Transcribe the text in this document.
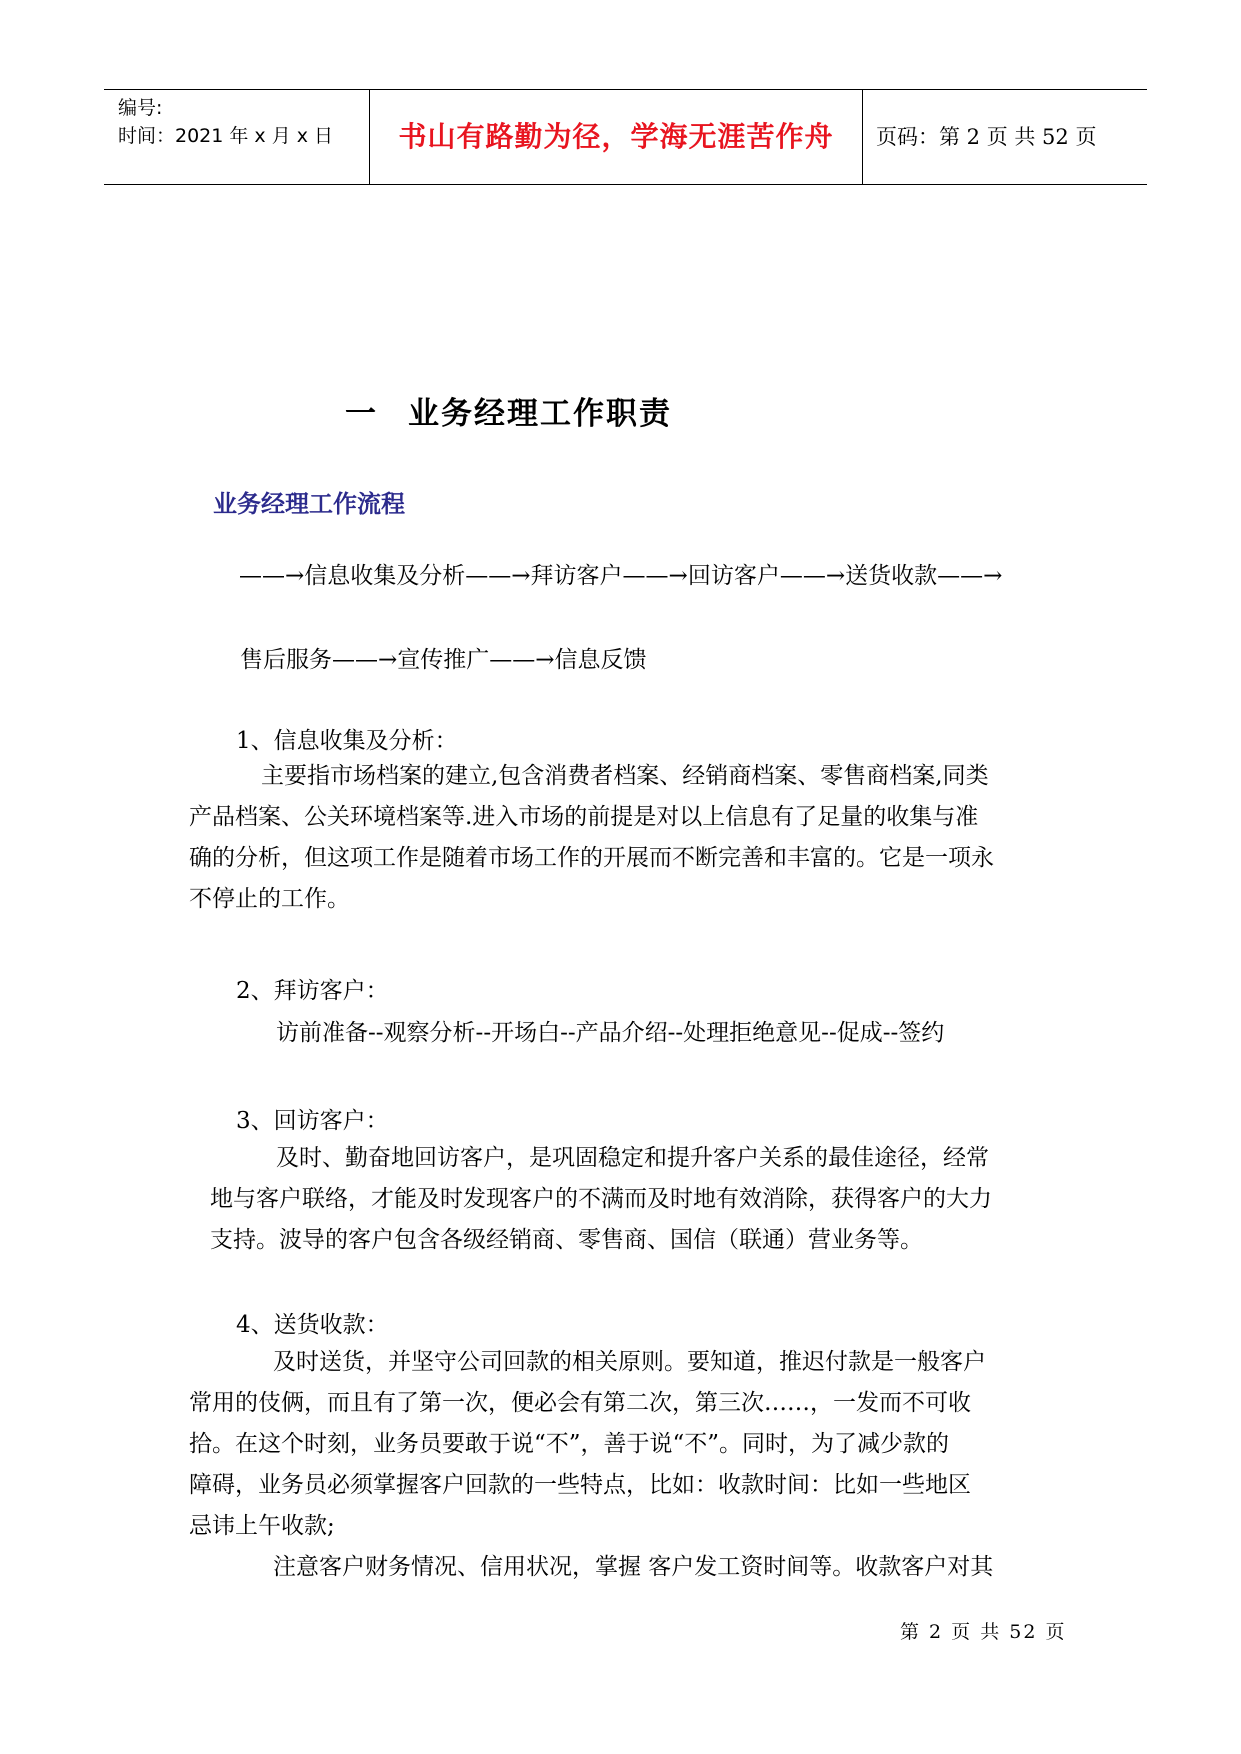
编号:
时间：2021 年 x 月 x 日	书山有路勤为径，学海无涯苦作舟	页码：第 2 页 共 52 页
一 业务经理工作职责
业务经理工作流程
——→信息收集及分析——→拜访客户——→回访客户——→送货收款——→
售后服务——→宣传推广——→信息反馈
1、信息收集及分析：
主要指市场档案的建立,包含消费者档案、经销商档案、零售商档案,同类
产品档案、公关环境档案等.进入市场的前提是对以上信息有了足量的收集与准
确的分析，但这项工作是随着市场工作的开展而不断完善和丰富的。它是一项永
不停止的工作。
2、拜访客户：
访前准备--观察分析--开场白--产品介绍--处理拒绝意见--促成--签约
3、回访客户：
及时、勤奋地回访客户，是巩固稳定和提升客户关系的最佳途径，经常
地与客户联络，才能及时发现客户的不满而及时地有效消除，获得客户的大力
支持。波导的客户包含各级经销商、零售商、国信（联通）营业务等。
4、送货收款：
及时送货，并坚守公司回款的相关原则。要知道，推迟付款是一般客户
常用的伎俩，而且有了第一次，便必会有第二次，第三次……，一发而不可收
拾。在这个时刻，业务员要敢于说“不”，善于说“不”。同时，为了减少款的
障碍，业务员必须掌握客户回款的一些特点，比如：收款时间：比如一些地区
忌讳上午收款;
注意客户财务情况、信用状况，掌握 客户发工资时间等。收款客户对其
第 2 页 共 52 页
